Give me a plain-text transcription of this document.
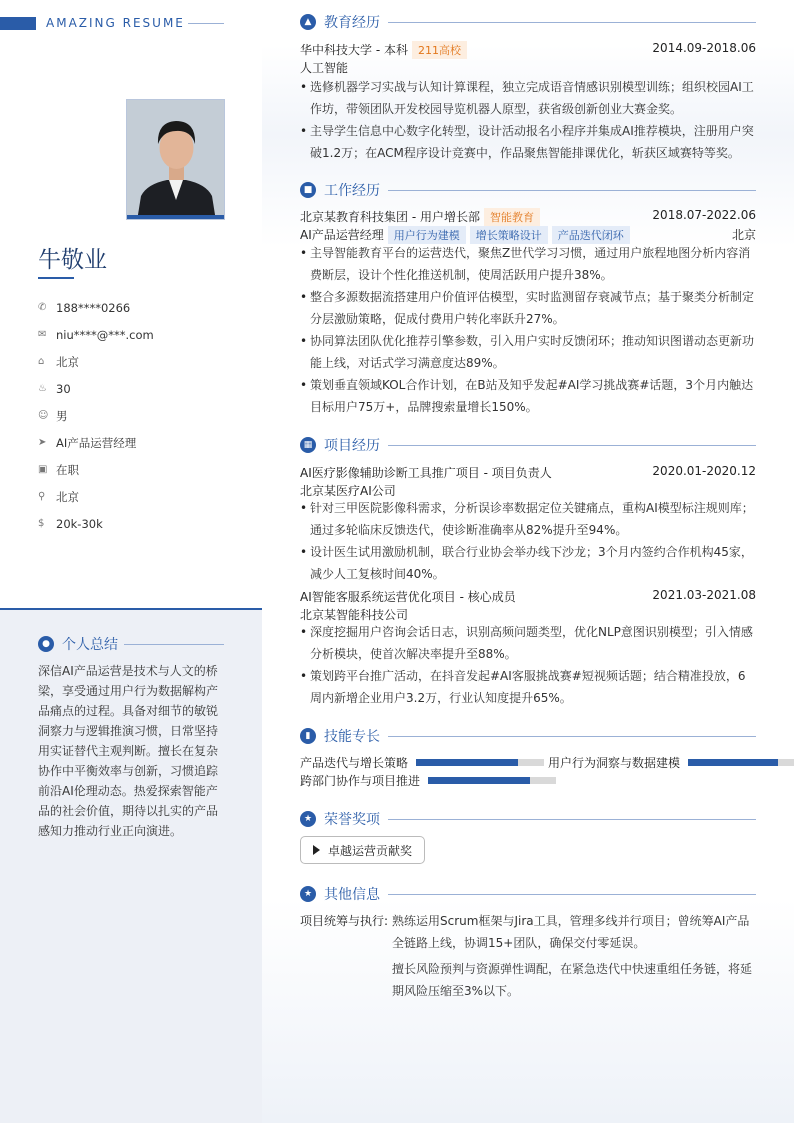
AMAZING RESUME
牛敬业
✆ 188****0266
✉ niu****@***.com
⌂	北京
♨ 30
☺ 男
➤ AI产品运营经理
▣ 在职
⚲ 北京
$	20k-30k
● 个人总结
深信AI产品运营是技术与人文的桥梁，享受通过用户行为数据解构产品痛点的过程。具备对细节的敏锐洞察力与逻辑推演习惯，日常坚持用实证替代主观判断。擅长在复杂协作中平衡效率与创新，习惯追踪前沿AI伦理动态。热爱探索智能产品的社会价值，期待以扎实的产品感知力推动行业正向演进。
▲ 教育经历
华中科技大学 - 本科 211高校	2014.09-2018.06
人工智能
• 选修机器学习实战与认知计算课程，独立完成语音情感识别模型训练；组织校园AI工作坊，带领团队开发校园导览机器人原型，获省级创新创业大赛金奖。
• 主导学生信息中心数字化转型，设计活动报名小程序并集成AI推荐模块，注册用户突破1.2万；在ACM程序设计竞赛中，作品聚焦智能排课优化，斩获区域赛特等奖。
■ 工作经历
北京某教育科技集团 - 用户增长部 智能教育	2018.07-2022.06
AI产品运营经理 用户行为建模 增长策略设计 产品迭代闭环	北京
• 主导智能教育平台的运营迭代，聚焦Z世代学习习惯，通过用户旅程地图分析内容消费断层，设计个性化推送机制，使周活跃用户提升38%。
• 整合多源数据流搭建用户价值评估模型，实时监测留存衰减节点；基于聚类分析制定分层激励策略，促成付费用户转化率跃升27%。
• 协同算法团队优化推荐引擎参数，引入用户实时反馈闭环；推动知识图谱动态更新功能上线，对话式学习满意度达89%。
• 策划垂直领域KOL合作计划，在B站及知乎发起#AI学习挑战赛#话题，3个月内触达目标用户75万+，品牌搜索量增长150%。
▦ 项目经历
AI医疗影像辅助诊断工具推广项目 - 项目负责人	2020.01-2020.12
北京某医疗AI公司
• 针对三甲医院影像科需求，分析误诊率数据定位关键痛点，重构AI模型标注规则库；通过多轮临床反馈迭代，使诊断准确率从82%提升至94%。
• 设计医生试用激励机制，联合行业协会举办线下沙龙；3个月内签约合作机构45家，减少人工复核时间40%。
AI智能客服系统运营优化项目 - 核心成员	2021.03-2021.08
北京某智能科技公司
• 深度挖掘用户咨询会话日志，识别高频问题类型，优化NLP意图识别模型；引入情感分析模块，使首次解决率提升至88%。
• 策划跨平台推广活动，在抖音发起#AI客服挑战赛#短视频话题；结合精准投放，6周内新增企业用户3.2万，行业认知度提升65%。
▮ 技能专长
产品迭代与增长策略	用户行为洞察与数据建模
跨部门协作与项目推进
★ 荣誉奖项
卓越运营贡献奖
★ 其他信息
项目统筹与执行: 熟练运用Scrum框架与Jira工具，管理多线并行项目；曾统筹AI产品全链路上线，协调15+团队，确保交付零延误。
擅长风险预判与资源弹性调配，在紧急迭代中快速重组任务链，将延期风险压缩至3%以下。
